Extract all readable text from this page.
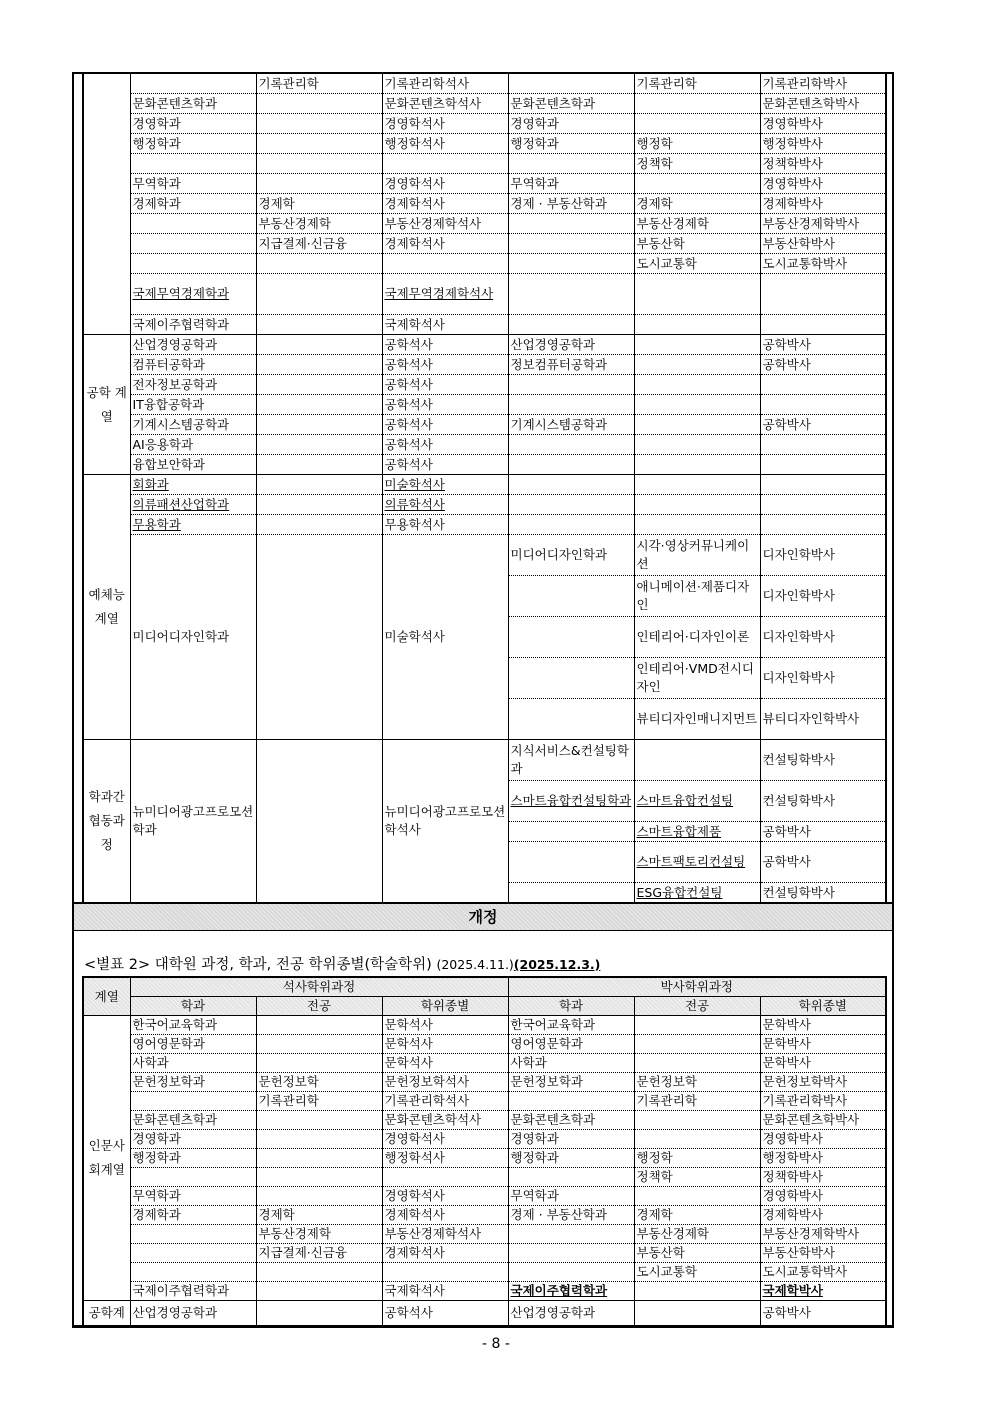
		기록관리학	기록관리학석사		기록관리학	기록관리학박사
	문화콘텐츠학과		문화콘텐츠학석사	문화콘텐츠학과		문화콘텐츠학박사
	경영학과		경영학석사	경영학과		경영학박사
	행정학과		행정학석사	행정학과	행정학	행정학박사
					정책학	정책학박사
	무역학과		경영학석사	무역학과		경영학박사
	경제학과	경제학	경제학석사	경제 · 부동산학과	경제학	경제학박사
		부동산경제학	부동산경제학석사		부동산경제학	부동산경제학박사
		지급결제·신금융	경제학석사		부동산학	부동산학박사
					도시교통학	도시교통학박사
	국제무역경제학과		국제무역경제학석사			
	국제이주협력학과		국제학석사			
공학 계열	산업경영공학과		공학석사	산업경영공학과		공학박사
	컴퓨터공학과		공학석사	정보컴퓨터공학과		공학박사
	전자정보공학과		공학석사			
	IT융합공학과		공학석사			
	기계시스템공학과		공학석사	기계시스템공학과		공학박사
	AI응용학과		공학석사			
	융합보안학과		공학석사			
예체능 계열	회화과		미술학석사			
	의류패션산업학과		의류학석사			
	무용학과		무용학석사			
	미디어디자인학과		미술학석사	미디어디자인학과	시각·영상커뮤니케이션	디자인학박사
					애니메이션·제품디자인	디자인학박사
					인테리어·디자인이론	디자인학박사
					인테리어·VMD전시디자인	디자인학박사
					뷰티디자인매니지먼트	뷰티디자인학박사
학과간 협동과정	뉴미디어광고프로모션학과		뉴미디어광고프로모션학석사	지식서비스&컨설팅학과		컨설팅학박사
				스마트융합컨설팅학과	스마트융합컨설팅	컨설팅학박사
					스마트융합제품	공학박사
					스마트팩토리컨설팅	공학박사
					ESG융합컨설팅	컨설팅학박사
개정
<별표 2> 대학원 과정, 학과, 전공 학위종별(학술학위) (2025.4.11.)(2025.12.3.)
계열	석사학위과정			박사학위과정		
	학과	전공	학위종별	학과	전공	학위종별
인문사 회계열	한국어교육학과		문학석사	한국어교육학과		문학박사
	영어영문학과		문학석사	영어영문학과		문학박사
	사학과		문학석사	사학과		문학박사
	문헌정보학과	문헌정보학	문헌정보학석사	문헌정보학과	문헌정보학	문헌정보학박사
		기록관리학	기록관리학석사		기록관리학	기록관리학박사
	문화콘텐츠학과		문화콘텐츠학석사	문화콘텐츠학과		문화콘텐츠학박사
	경영학과		경영학석사	경영학과		경영학박사
	행정학과		행정학석사	행정학과	행정학	행정학박사
					정책학	정책학박사
	무역학과		경영학석사	무역학과		경영학박사
	경제학과	경제학	경제학석사	경제 · 부동산학과	경제학	경제학박사
		부동산경제학	부동산경제학석사		부동산경제학	부동산경제학박사
		지급결제·신금융	경제학석사		부동산학	부동산학박사
					도시교통학	도시교통학박사
	국제이주협력학과		국제학석사	국제이주협력학과		국제학박사
공학계	산업경영공학과		공학석사	산업경영공학과		공학박사
- 8 -
